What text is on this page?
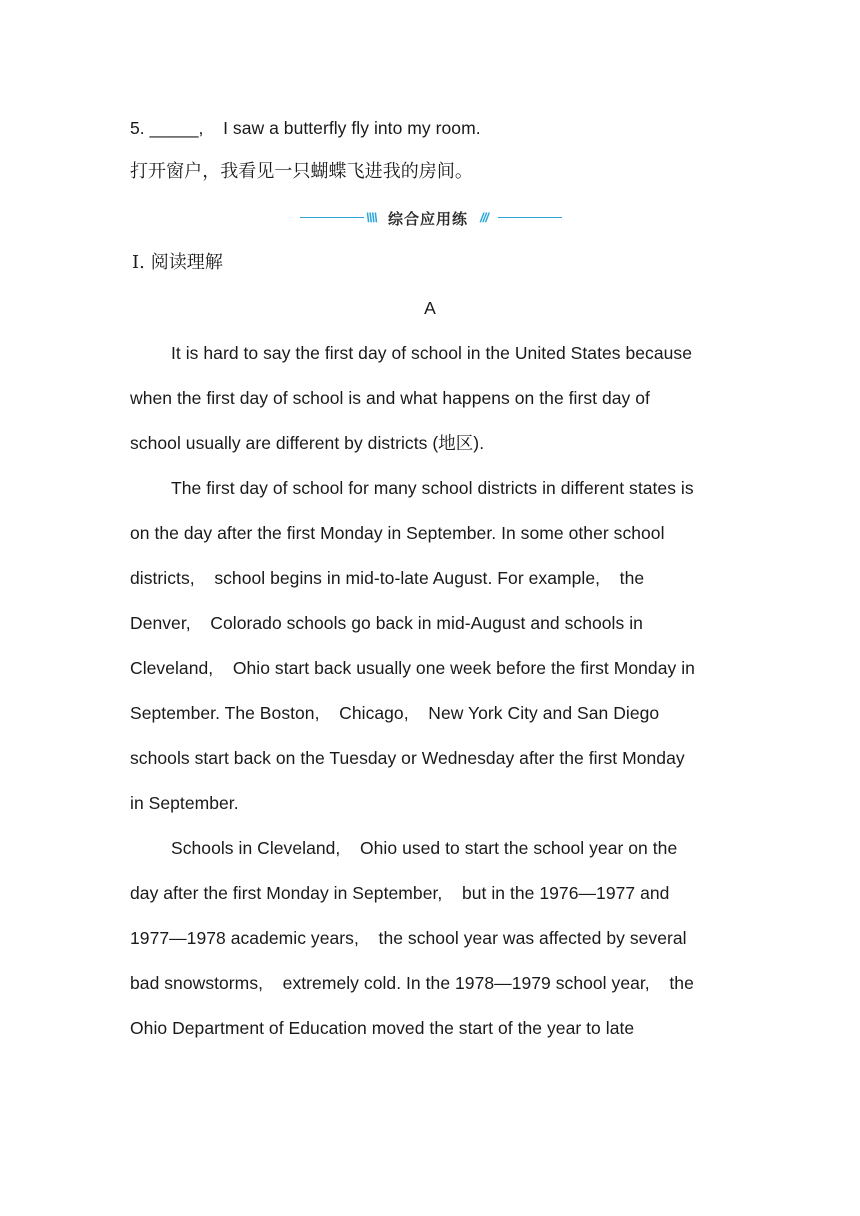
5. _____,    I saw a butterfly fly into my room.
打开窗户，我看见一只蝴蝶飞进我的房间。
\\\\ 综合应用练 ///
Ⅰ. 阅读理解
A
It is hard to say the first day of school in the United States because
when the first day of school is and what happens on the first day of
school usually are different by districts (地区).
The first day of school for many school districts in different states is
on the day after the first Monday in September. In some other school
districts,    school begins in mid-to-late August. For example,    the
Denver,    Colorado schools go back in mid-August and schools in
Cleveland,    Ohio start back usually one week before the first Monday in
September. The Boston,    Chicago,    New York City and San Diego
schools start back on the Tuesday or Wednesday after the first Monday
in September.
Schools in Cleveland,    Ohio used to start the school year on the
day after the first Monday in September,    but in the 1976—1977 and
1977—1978 academic years,    the school year was affected by several
bad snowstorms,    extremely cold. In the 1978—1979 school year,    the
Ohio Department of Education moved the start of the year to late
